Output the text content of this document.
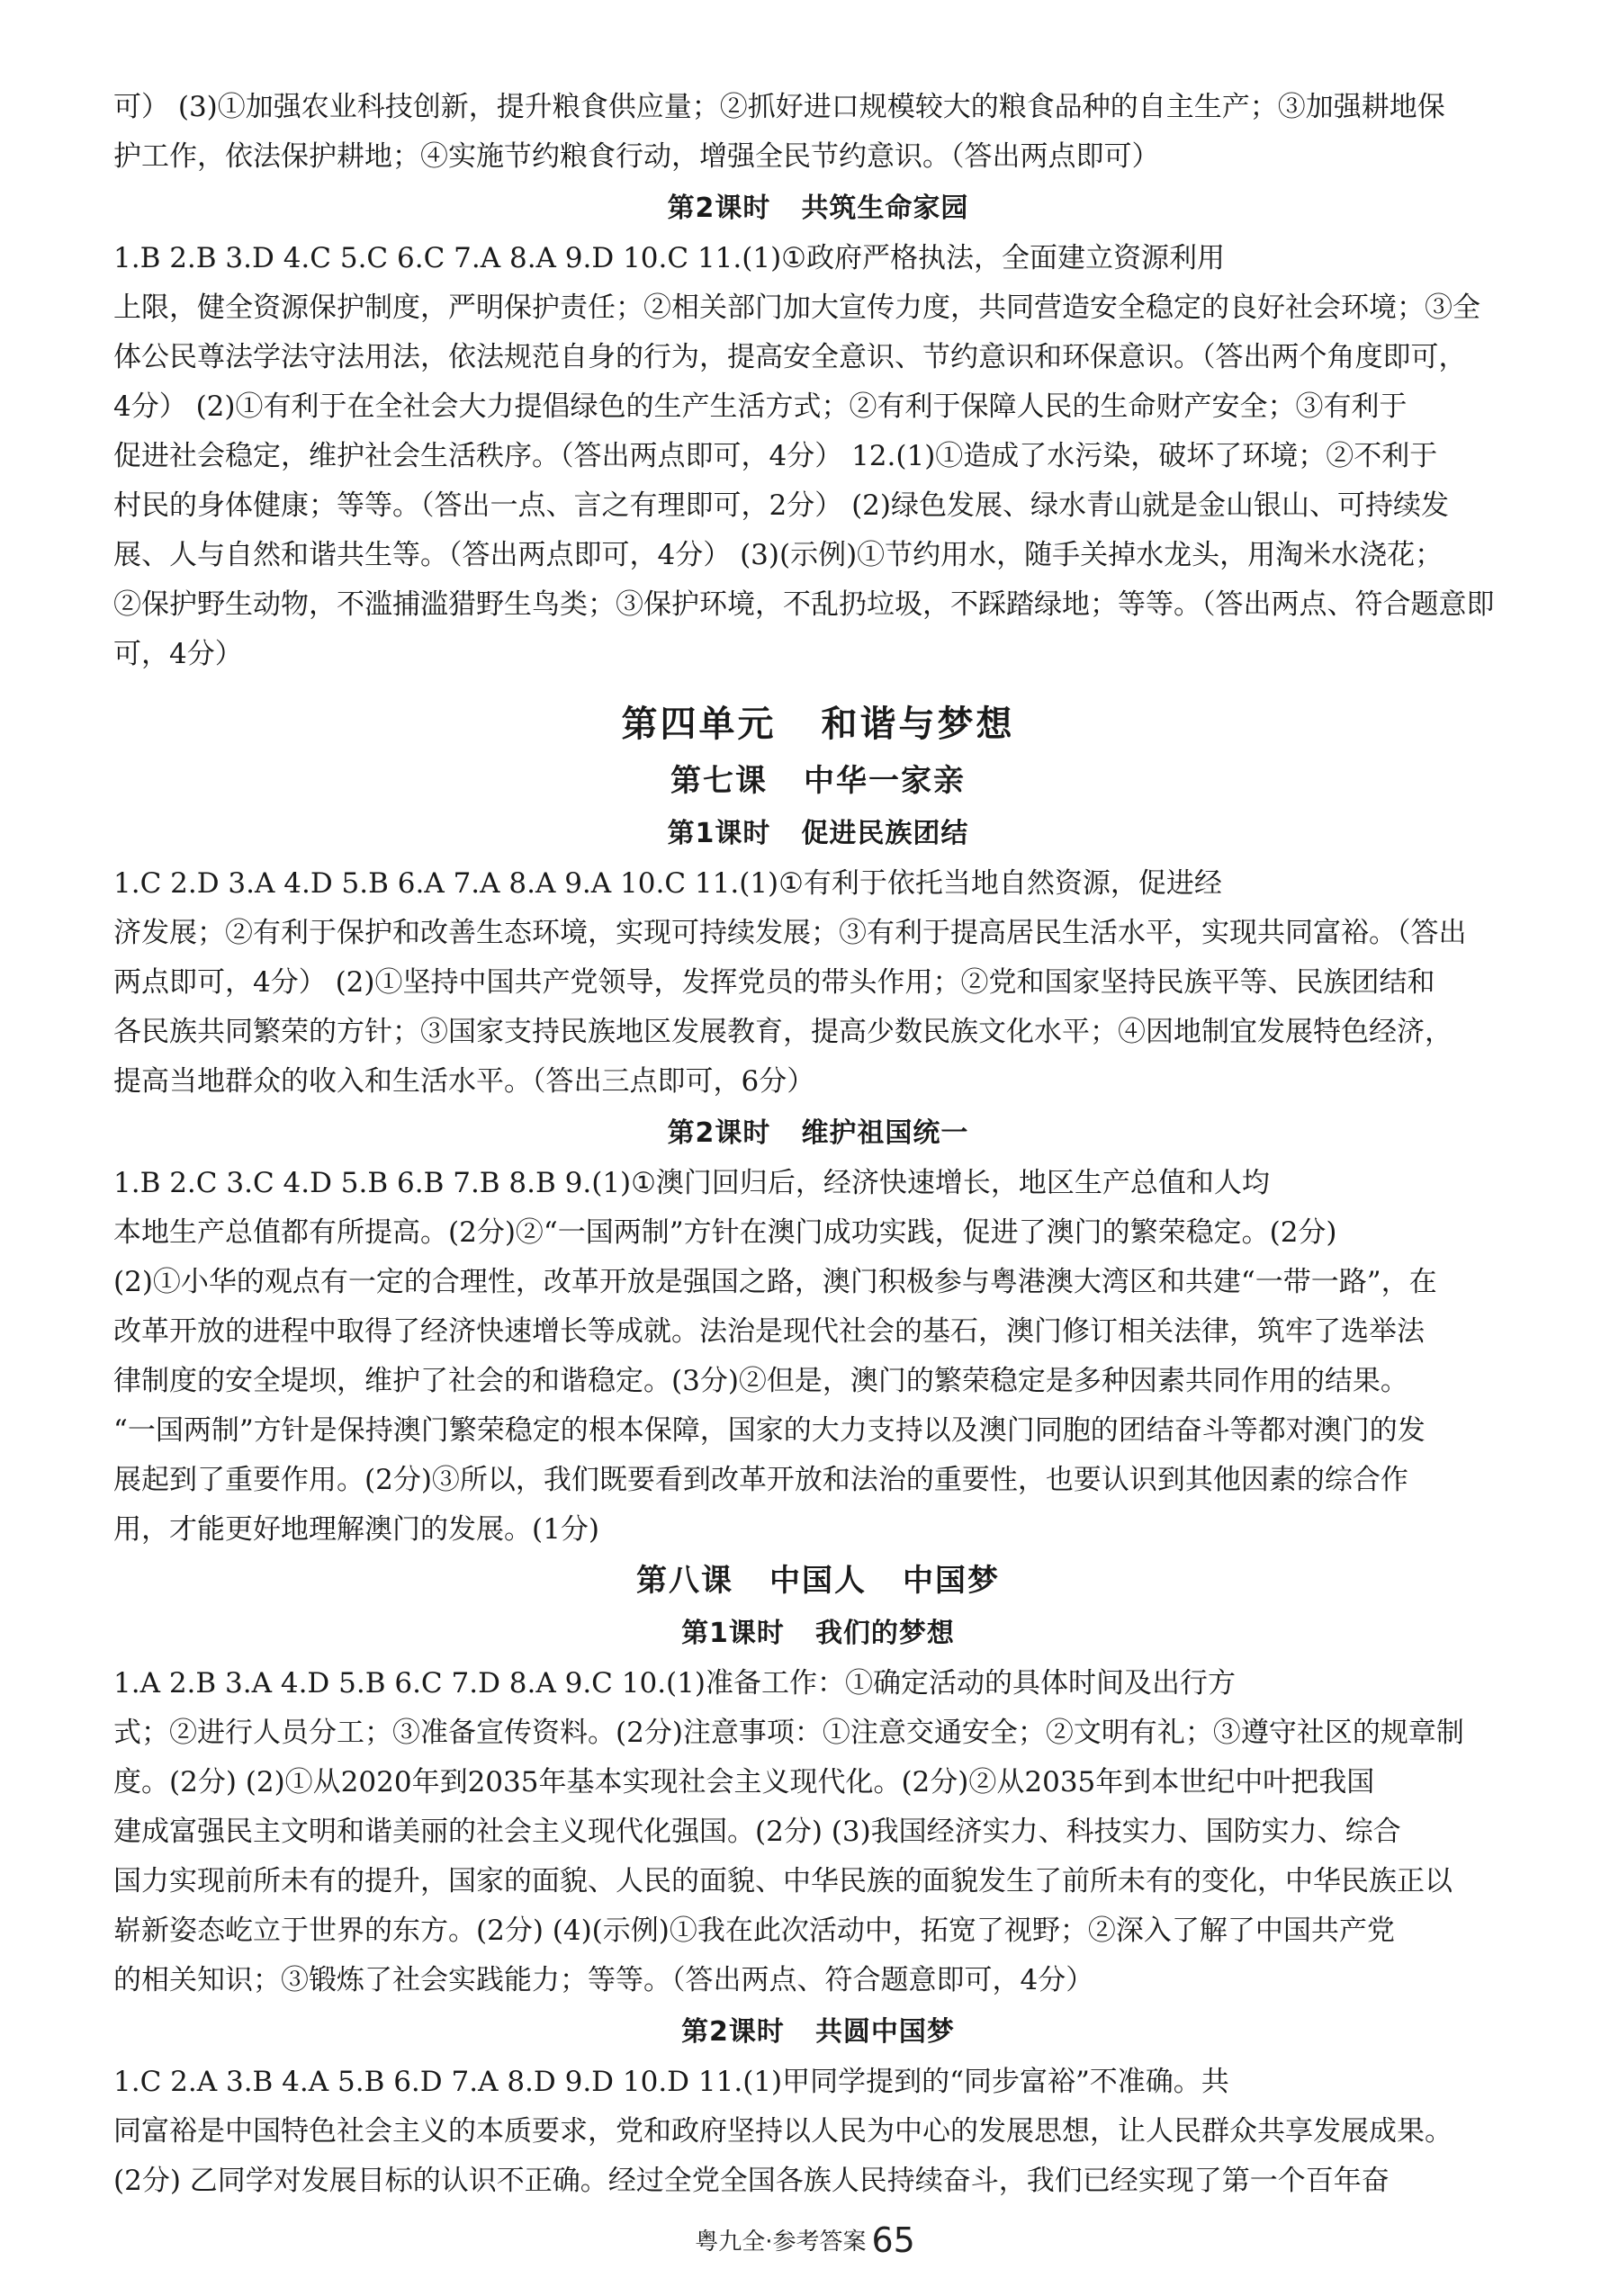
可） (3)①加强农业科技创新，提升粮食供应量；②抓好进口规模较大的粮食品种的自主生产；③加强耕地保
护工作，依法保护耕地；④实施节约粮食行动，增强全民节约意识。（答出两点即可）

第2课时 共筑生命家园

1.B 2.B 3.D 4.C 5.C 6.C 7.A 8.A 9.D 10.C 11.(1)①政府严格执法，全面建立资源利用
上限，健全资源保护制度，严明保护责任；②相关部门加大宣传力度，共同营造安全稳定的良好社会环境；③全
体公民尊法学法守法用法，依法规范自身的行为，提高安全意识、节约意识和环保意识。（答出两个角度即可，
4分） (2)①有利于在全社会大力提倡绿色的生产生活方式；②有利于保障人民的生命财产安全；③有利于
促进社会稳定，维护社会生活秩序。（答出两点即可，4分） 12.(1)①造成了水污染，破坏了环境；②不利于
村民的身体健康；等等。（答出一点、言之有理即可，2分） (2)绿色发展、绿水青山就是金山银山、可持续发
展、人与自然和谐共生等。（答出两点即可，4分） (3)(示例)①节约用水，随手关掉水龙头，用淘米水浇花；
②保护野生动物，不滥捕滥猎野生鸟类；③保护环境，不乱扔垃圾，不踩踏绿地；等等。（答出两点、符合题意即
可，4分）

第四单元 和谐与梦想
第七课 中华一家亲
第1课时 促进民族团结

1.C 2.D 3.A 4.D 5.B 6.A 7.A 8.A 9.A 10.C 11.(1)①有利于依托当地自然资源，促进经
济发展；②有利于保护和改善生态环境，实现可持续发展；③有利于提高居民生活水平，实现共同富裕。（答出
两点即可，4分） (2)①坚持中国共产党领导，发挥党员的带头作用；②党和国家坚持民族平等、民族团结和
各民族共同繁荣的方针；③国家支持民族地区发展教育，提高少数民族文化水平；④因地制宜发展特色经济，
提高当地群众的收入和生活水平。（答出三点即可，6分）

第2课时 维护祖国统一

1.B 2.C 3.C 4.D 5.B 6.B 7.B 8.B 9.(1)①澳门回归后，经济快速增长，地区生产总值和人均
本地生产总值都有所提高。(2分)②“一国两制”方针在澳门成功实践，促进了澳门的繁荣稳定。(2分)
(2)①小华的观点有一定的合理性，改革开放是强国之路，澳门积极参与粤港澳大湾区和共建“一带一路”，在
改革开放的进程中取得了经济快速增长等成就。法治是现代社会的基石，澳门修订相关法律，筑牢了选举法
律制度的安全堤坝，维护了社会的和谐稳定。(3分)②但是，澳门的繁荣稳定是多种因素共同作用的结果。
“一国两制”方针是保持澳门繁荣稳定的根本保障，国家的大力支持以及澳门同胞的团结奋斗等都对澳门的发
展起到了重要作用。(2分)③所以，我们既要看到改革开放和法治的重要性，也要认识到其他因素的综合作
用，才能更好地理解澳门的发展。(1分)

第八课 中国人 中国梦
第1课时 我们的梦想

1.A 2.B 3.A 4.D 5.B 6.C 7.D 8.A 9.C 10.(1)准备工作：①确定活动的具体时间及出行方
式；②进行人员分工；③准备宣传资料。(2分)注意事项：①注意交通安全；②文明有礼；③遵守社区的规章制
度。(2分) (2)①从2020年到2035年基本实现社会主义现代化。(2分)②从2035年到本世纪中叶把我国
建成富强民主文明和谐美丽的社会主义现代化强国。(2分) (3)我国经济实力、科技实力、国防实力、综合
国力实现前所未有的提升，国家的面貌、人民的面貌、中华民族的面貌发生了前所未有的变化，中华民族正以
崭新姿态屹立于世界的东方。(2分) (4)(示例)①我在此次活动中，拓宽了视野；②深入了解了中国共产党
的相关知识；③锻炼了社会实践能力；等等。（答出两点、符合题意即可，4分）

第2课时 共圆中国梦

1.C 2.A 3.B 4.A 5.B 6.D 7.A 8.D 9.D 10.D 11.(1)甲同学提到的“同步富裕”不准确。共
同富裕是中国特色社会主义的本质要求，党和政府坚持以人民为中心的发展思想，让人民群众共享发展成果。
(2分) 乙同学对发展目标的认识不正确。经过全党全国各族人民持续奋斗，我们已经实现了第一个百年奋

粤九全·参考答案 65
